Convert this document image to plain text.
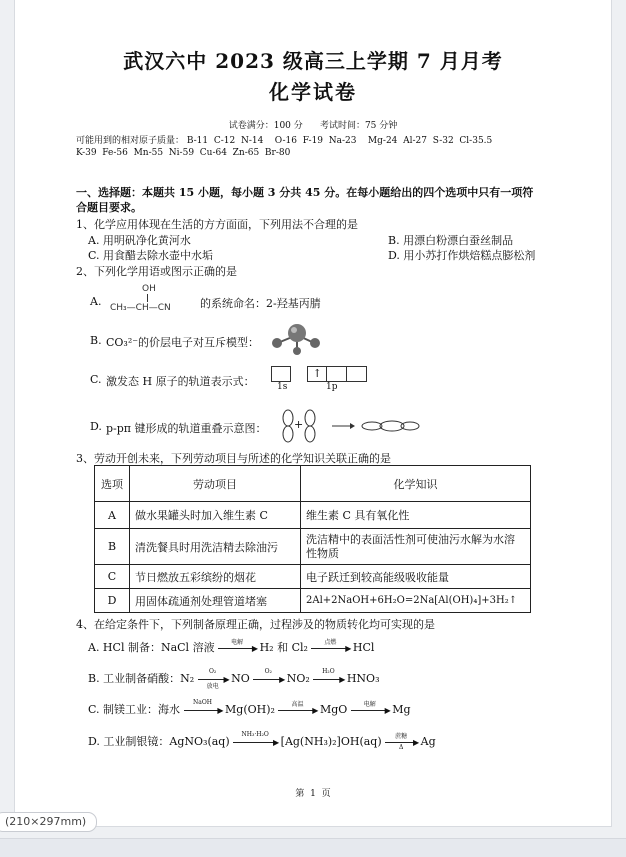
武汉六中 2023 级高三上学期 7 月月考
化学试卷
试卷满分：100 分      考试时间：75 分钟
可能用到的相对原子质量： B-11  C-12  N-14    O-16  F-19  Na-23    Mg-24  Al-27  S-32  Cl-35.5
K-39  Fe-56  Mn-55  Ni-59  Cu-64  Zn-65  Br-80
一、选择题：本题共 15 小题，每小题 3 分共 45 分。在每小题给出的四个选项中只有一项符
合题目要求。
1、化学应用体现在生活的方方面面，下列用法不合理的是
A. 用明矾净化黄河水	B. 用漂白粉漂白蚕丝制品
C. 用食醋去除水壶中水垢	D. 用小苏打作烘焙糕点膨松剂
2、下列化学用语或图示正确的是
A.
OH
CH₃—CH—CN	的系统命名：2-羟基丙腈
B. CO₃²⁻的价层电子对互斥模型：
C. 激发态 H 原子的轨道表示式：
↑
1s	1p
D. p-pπ 键形成的轨道重叠示意图： +
3、劳动开创未来，下列劳动项目与所述的化学知识关联正确的是
选项	劳动项目	化学知识
A	做水果罐头时加入维生素 C	维生素 C 具有氧化性
B	清洗餐具时用洗洁精去除油污	洗洁精中的表面活性剂可使油污水解为水溶性物质
C	节日燃放五彩缤纷的烟花	电子跃迁到较高能级吸收能量
D	用固体疏通剂处理管道堵塞	2Al+2NaOH+6H₂O=2Na[Al(OH)₄]+3H₂↑
4、在给定条件下，下列制备原理正确，过程涉及的物质转化均可实现的是
A. HCl 制备：NaCl 溶液	电解
▶ H₂ 和 Cl₂	点燃
▶ HCl
B. 工业制备硝酸：N₂
O₂
▶
放电
NO
O₂
▶ NO₂
H₂O
▶ HNO₃
C. 制镁工业：海水
NaOH
▶ Mg(OH)₂	高温
▶ MgO	电解
▶ Mg
D. 工业制银镜：AgNO₃(aq)
NH₃·H₂O
▶ [Ag(NH₃)₂]OH(aq)	蔗糖
▶
Δ	Ag
第  1  页
(210×297mm)
